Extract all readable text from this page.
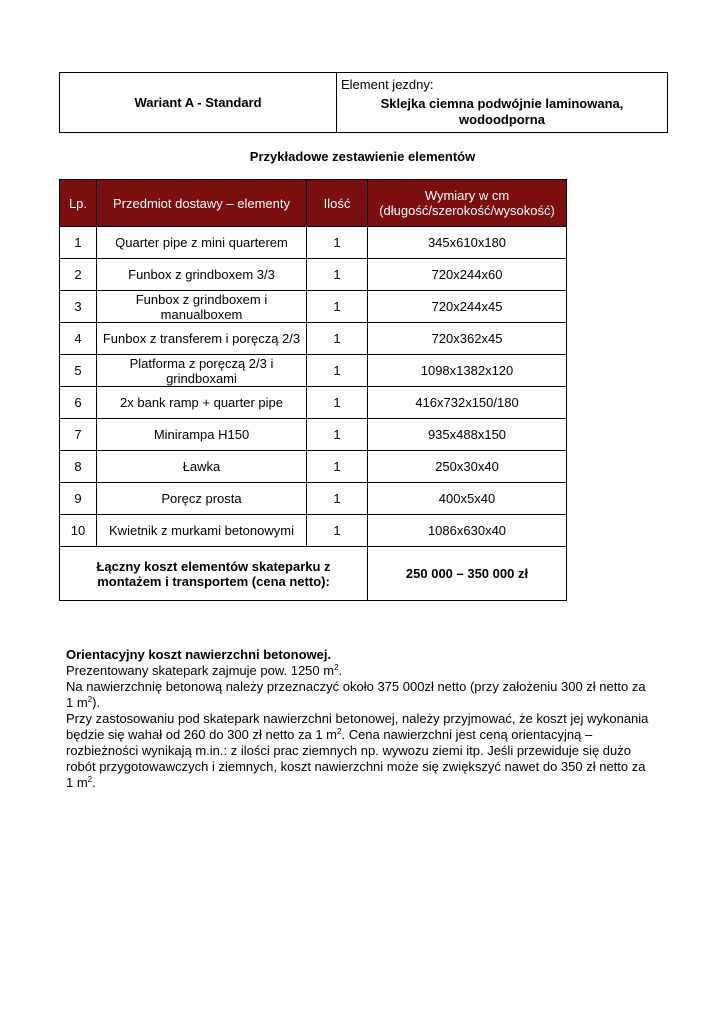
Wariant A - Standard	
Element jezdny:
Sklejka ciemna podwójnie laminowana, wodoodporna
Przykładowe zestawienie elementów
Lp.	Przedmiot dostawy – elementy	Ilość	Wymiary w cm (długość/szerokość/wysokość)
1	Quarter pipe z mini quarterem	1	345x610x180
2	Funbox z grindboxem 3/3	1	720x244x60
3	Funbox z grindboxem i manualboxem	1	720x244x45
4	Funbox z transferem i poręczą 2/3	1	720x362x45
5	Platforma z poręczą 2/3 i grindboxami	1	1098x1382x120
6	2x bank ramp + quarter pipe	1	416x732x150/180
7	Minirampa H150	1	935x488x150
8	Ławka	1	250x30x40
9	Poręcz prosta	1	400x5x40
10	Kwietnik z murkami betonowymi	1	1086x630x40
Łączny koszt elementów skateparku z montażem i transportem (cena netto):			250 000 – 350 000 zł

Orientacyjny koszt nawierzchni betonowej.

Prezentowany skatepark zajmuje pow. 1250 $m^2$.

Na nawierzchnię betonową należy przeznaczyć około 375 000zł netto (przy założeniu 300 zł netto za 1 $m^2$).

Przy zastosowaniu pod skatepark nawierzchni betonowej, należy przyjmować, że koszt jej wykonania będzie się wahał od 260 do 300 zł netto za 1 $m^2$. Cena nawierzchni jest ceną orientacyjną – rozbieżności wynikają m.in.: z ilości prac ziemnych np. wywozu ziemi itp. Jeśli przewiduje się dużo robót przygotowawczych i ziemnych, koszt nawierzchni może się zwiększyć nawet do 350 zł netto za 1 $m^2$.
